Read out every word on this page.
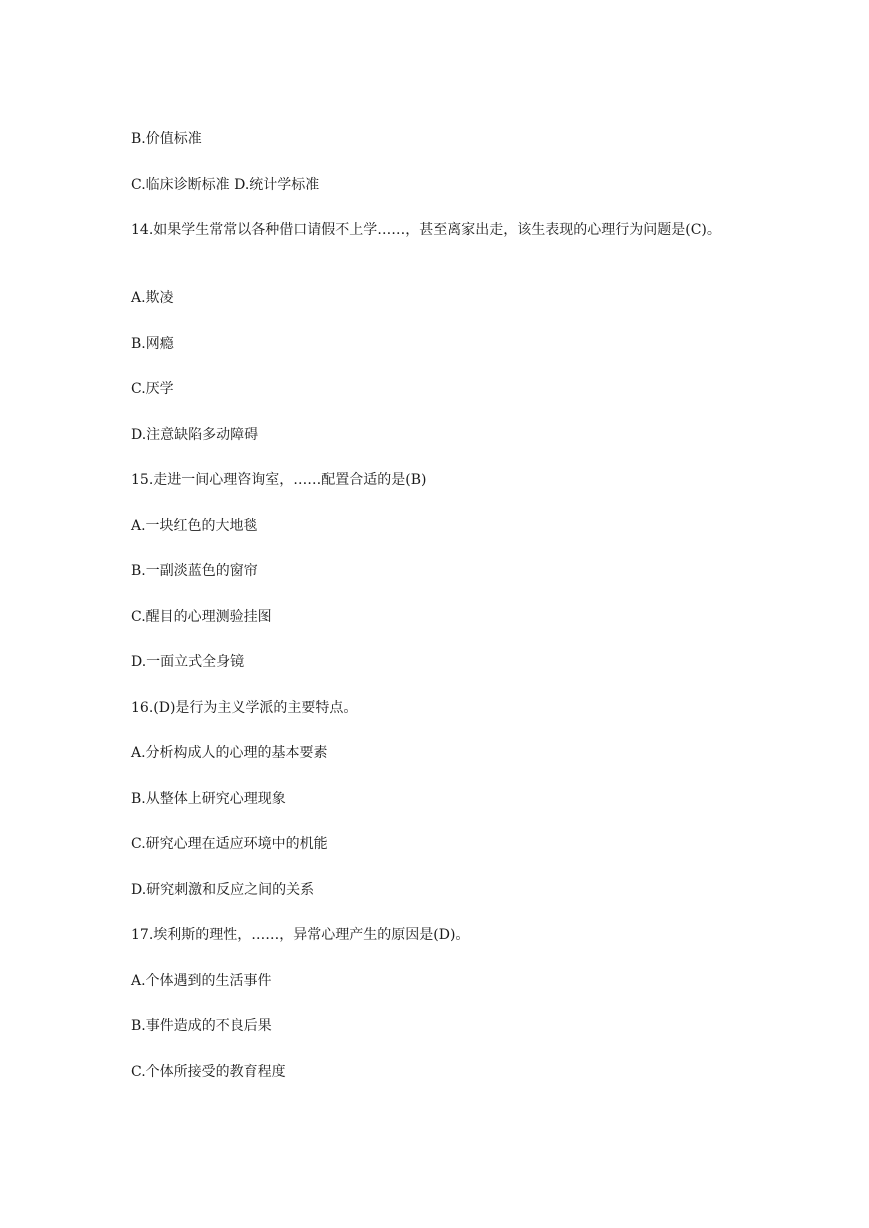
B.价值标准
C.临床诊断标准 D.统计学标准
14.如果学生常常以各种借口请假不上学……，甚至离家出走，该生表现的心理行为问题是(C)。
A.欺凌
B.网瘾
C.厌学
D.注意缺陷多动障碍
15.走进一间心理咨询室，……配置合适的是(B)
A.一块红色的大地毯
B.一副淡蓝色的窗帘
C.醒目的心理测验挂图
D.一面立式全身镜
16.(D)是行为主义学派的主要特点。
A.分析构成人的心理的基本要素
B.从整体上研究心理现象
C.研究心理在适应环境中的机能
D.研究刺激和反应之间的关系
17.埃利斯的理性，……，异常心理产生的原因是(D)。
A.个体遇到的生活事件
B.事件造成的不良后果
C.个体所接受的教育程度
